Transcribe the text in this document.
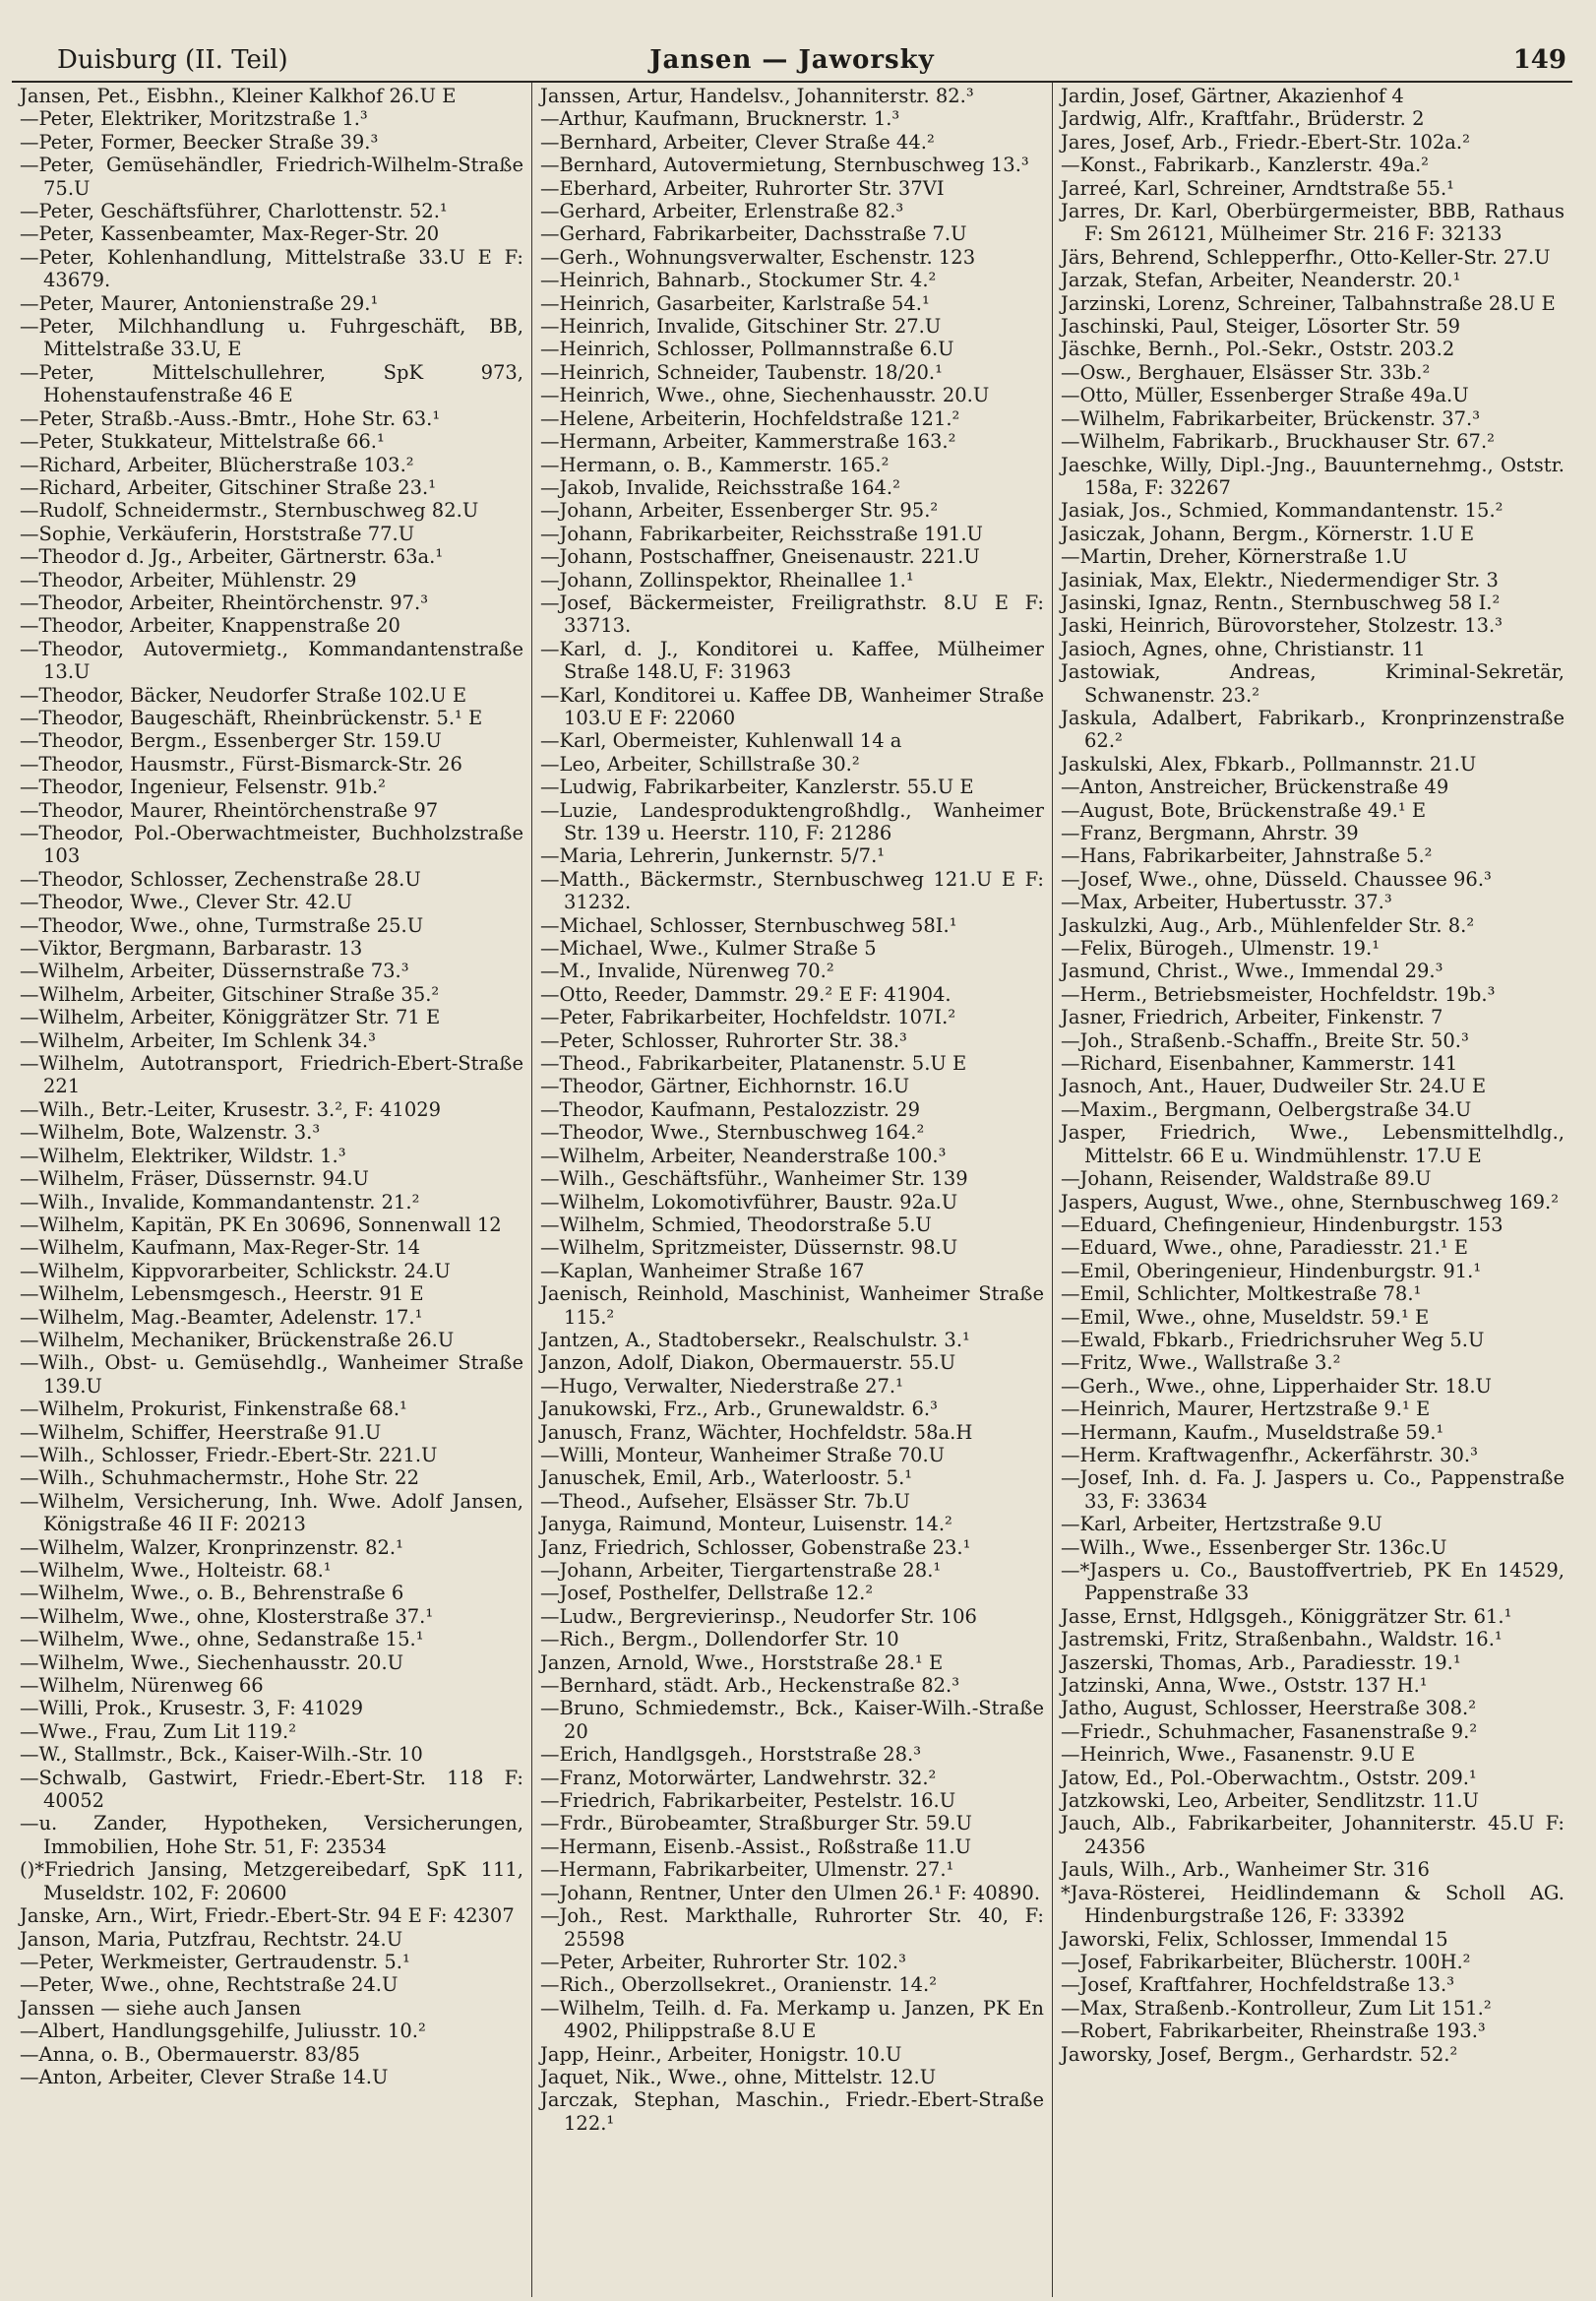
Duisburg (II. Teil)	Jansen — Jaworsky	149

Jansen, Pet., Eisbhn., Kleiner Kalkhof 26.U E

—Peter, Elektriker, Moritzstraße 1.³

—Peter, Former, Beecker Straße 39.³

—Peter, Gemüsehändler, Friedrich-Wilhelm-Straße 75.U

—Peter, Geschäftsführer, Charlottenstr. 52.¹

—Peter, Kassenbeamter, Max-Reger-Str. 20

—Peter, Kohlenhandlung, Mittelstraße 33.U E F: 43679.

—Peter, Maurer, Antonienstraße 29.¹

—Peter, Milchhandlung u. Fuhrgeschäft, BB, Mittelstraße 33.U, E

—Peter, Mittelschullehrer, SpK 973, Hohenstaufenstraße 46 E

—Peter, Straßb.-Auss.-Bmtr., Hohe Str. 63.¹

—Peter, Stukkateur, Mittelstraße 66.¹

—Richard, Arbeiter, Blücherstraße 103.²

—Richard, Arbeiter, Gitschiner Straße 23.¹

—Rudolf, Schneidermstr., Sternbuschweg 82.U

—Sophie, Verkäuferin, Horststraße 77.U

—Theodor d. Jg., Arbeiter, Gärtnerstr. 63a.¹

—Theodor, Arbeiter, Mühlenstr. 29

—Theodor, Arbeiter, Rheintörchenstr. 97.³

—Theodor, Arbeiter, Knappenstraße 20

—Theodor, Autovermietg., Kommandantenstraße 13.U

—Theodor, Bäcker, Neudorfer Straße 102.U E

—Theodor, Baugeschäft, Rheinbrückenstr. 5.¹ E

—Theodor, Bergm., Essenberger Str. 159.U

—Theodor, Hausmstr., Fürst-Bismarck-Str. 26

—Theodor, Ingenieur, Felsenstr. 91b.²

—Theodor, Maurer, Rheintörchenstraße 97

—Theodor, Pol.-Oberwachtmeister, Buchholzstraße 103

—Theodor, Schlosser, Zechenstraße 28.U

—Theodor, Wwe., Clever Str. 42.U

—Theodor, Wwe., ohne, Turmstraße 25.U

—Viktor, Bergmann, Barbarastr. 13

—Wilhelm, Arbeiter, Düssernstraße 73.³

—Wilhelm, Arbeiter, Gitschiner Straße 35.²

—Wilhelm, Arbeiter, Königgrätzer Str. 71 E

—Wilhelm, Arbeiter, Im Schlenk 34.³

—Wilhelm, Autotransport, Friedrich-Ebert-Straße 221

—Wilh., Betr.-Leiter, Krusestr. 3.², F: 41029

—Wilhelm, Bote, Walzenstr. 3.³

—Wilhelm, Elektriker, Wildstr. 1.³

—Wilhelm, Fräser, Düssernstr. 94.U

—Wilh., Invalide, Kommandantenstr. 21.²

—Wilhelm, Kapitän, PK En 30696, Sonnenwall 12

—Wilhelm, Kaufmann, Max-Reger-Str. 14

—Wilhelm, Kippvorarbeiter, Schlickstr. 24.U

—Wilhelm, Lebensmgesch., Heerstr. 91 E

—Wilhelm, Mag.-Beamter, Adelenstr. 17.¹

—Wilhelm, Mechaniker, Brückenstraße 26.U

—Wilh., Obst- u. Gemüsehdlg., Wanheimer Straße 139.U

—Wilhelm, Prokurist, Finkenstraße 68.¹

—Wilhelm, Schiffer, Heerstraße 91.U

—Wilh., Schlosser, Friedr.-Ebert-Str. 221.U

—Wilh., Schuhmachermstr., Hohe Str. 22

—Wilhelm, Versicherung, Inh. Wwe. Adolf Jansen, Königstraße 46 II F: 20213

—Wilhelm, Walzer, Kronprinzenstr. 82.¹

—Wilhelm, Wwe., Holteistr. 68.¹

—Wilhelm, Wwe., o. B., Behrenstraße 6

—Wilhelm, Wwe., ohne, Klosterstraße 37.¹

—Wilhelm, Wwe., ohne, Sedanstraße 15.¹

—Wilhelm, Wwe., Siechenhausstr. 20.U

—Wilhelm, Nürenweg 66

—Willi, Prok., Krusestr. 3, F: 41029

—Wwe., Frau, Zum Lit 119.²

—W., Stallmstr., Bck., Kaiser-Wilh.-Str. 10

—Schwalb, Gastwirt, Friedr.-Ebert-Str. 118 F: 40052

—u. Zander, Hypotheken, Versicherungen, Immobilien, Hohe Str. 51, F: 23534

()*Friedrich Jansing, Metzgereibedarf, SpK 111, Museldstr. 102, F: 20600

Janske, Arn., Wirt, Friedr.-Ebert-Str. 94 E F: 42307

Janson, Maria, Putzfrau, Rechtstr. 24.U

—Peter, Werkmeister, Gertraudenstr. 5.¹

—Peter, Wwe., ohne, Rechtstraße 24.U

Janssen — siehe auch Jansen

—Albert, Handlungsgehilfe, Juliusstr. 10.²

—Anna, o. B., Obermauerstr. 83/85

—Anton, Arbeiter, Clever Straße 14.U

Janssen, Artur, Handelsv., Johanniterstr. 82.³

—Arthur, Kaufmann, Brucknerstr. 1.³

—Bernhard, Arbeiter, Clever Straße 44.²

—Bernhard, Autovermietung, Sternbuschweg 13.³

—Eberhard, Arbeiter, Ruhrorter Str. 37VI

—Gerhard, Arbeiter, Erlenstraße 82.³

—Gerhard, Fabrikarbeiter, Dachsstraße 7.U

—Gerh., Wohnungsverwalter, Eschenstr. 123

—Heinrich, Bahnarb., Stockumer Str. 4.²

—Heinrich, Gasarbeiter, Karlstraße 54.¹

—Heinrich, Invalide, Gitschiner Str. 27.U

—Heinrich, Schlosser, Pollmannstraße 6.U

—Heinrich, Schneider, Taubenstr. 18/20.¹

—Heinrich, Wwe., ohne, Siechenhausstr. 20.U

—Helene, Arbeiterin, Hochfeldstraße 121.²

—Hermann, Arbeiter, Kammerstraße 163.²

—Hermann, o. B., Kammerstr. 165.²

—Jakob, Invalide, Reichsstraße 164.²

—Johann, Arbeiter, Essenberger Str. 95.²

—Johann, Fabrikarbeiter, Reichsstraße 191.U

—Johann, Postschaffner, Gneisenaustr. 221.U

—Johann, Zollinspektor, Rheinallee 1.¹

—Josef, Bäckermeister, Freiligrathstr. 8.U E F: 33713.

—Karl, d. J., Konditorei u. Kaffee, Mülheimer Straße 148.U, F: 31963

—Karl, Konditorei u. Kaffee DB, Wanheimer Straße 103.U E F: 22060

—Karl, Obermeister, Kuhlenwall 14 a

—Leo, Arbeiter, Schillstraße 30.²

—Ludwig, Fabrikarbeiter, Kanzlerstr. 55.U E

—Luzie, Landesproduktengroßhdlg., Wanheimer Str. 139 u. Heerstr. 110, F: 21286

—Maria, Lehrerin, Junkernstr. 5/7.¹

—Matth., Bäckermstr., Sternbuschweg 121.U E F: 31232.

—Michael, Schlosser, Sternbuschweg 58I.¹

—Michael, Wwe., Kulmer Straße 5

—M., Invalide, Nürenweg 70.²

—Otto, Reeder, Dammstr. 29.² E F: 41904.

—Peter, Fabrikarbeiter, Hochfeldstr. 107I.²

—Peter, Schlosser, Ruhrorter Str. 38.³

—Theod., Fabrikarbeiter, Platanenstr. 5.U E

—Theodor, Gärtner, Eichhornstr. 16.U

—Theodor, Kaufmann, Pestalozzistr. 29

—Theodor, Wwe., Sternbuschweg 164.²

—Wilhelm, Arbeiter, Neanderstraße 100.³

—Wilh., Geschäftsführ., Wanheimer Str. 139

—Wilhelm, Lokomotivführer, Baustr. 92a.U

—Wilhelm, Schmied, Theodorstraße 5.U

—Wilhelm, Spritzmeister, Düssernstr. 98.U

—Kaplan, Wanheimer Straße 167

Jaenisch, Reinhold, Maschinist, Wanheimer Straße 115.²

Jantzen, A., Stadtobersekr., Realschulstr. 3.¹

Janzon, Adolf, Diakon, Obermauerstr. 55.U

—Hugo, Verwalter, Niederstraße 27.¹

Janukowski, Frz., Arb., Grunewaldstr. 6.³

Janusch, Franz, Wächter, Hochfeldstr. 58a.H

—Willi, Monteur, Wanheimer Straße 70.U

Januschek, Emil, Arb., Waterloostr. 5.¹

—Theod., Aufseher, Elsässer Str. 7b.U

Janyga, Raimund, Monteur, Luisenstr. 14.²

Janz, Friedrich, Schlosser, Gobenstraße 23.¹

—Johann, Arbeiter, Tiergartenstraße 28.¹

—Josef, Posthelfer, Dellstraße 12.²

—Ludw., Bergrevierinsp., Neudorfer Str. 106

—Rich., Bergm., Dollendorfer Str. 10

Janzen, Arnold, Wwe., Horststraße 28.¹ E

—Bernhard, städt. Arb., Heckenstraße 82.³

—Bruno, Schmiedemstr., Bck., Kaiser-Wilh.-Straße 20

—Erich, Handlgsgeh., Horststraße 28.³

—Franz, Motorwärter, Landwehrstr. 32.²

—Friedrich, Fabrikarbeiter, Pestelstr. 16.U

—Frdr., Bürobeamter, Straßburger Str. 59.U

—Hermann, Eisenb.-Assist., Roßstraße 11.U

—Hermann, Fabrikarbeiter, Ulmenstr. 27.¹

—Johann, Rentner, Unter den Ulmen 26.¹ F: 40890.

—Joh., Rest. Markthalle, Ruhrorter Str. 40, F: 25598

—Peter, Arbeiter, Ruhrorter Str. 102.³

—Rich., Oberzollsekret., Oranienstr. 14.²

—Wilhelm, Teilh. d. Fa. Merkamp u. Janzen, PK En 4902, Philippstraße 8.U E

Japp, Heinr., Arbeiter, Honigstr. 10.U

Jaquet, Nik., Wwe., ohne, Mittelstr. 12.U

Jarczak, Stephan, Maschin., Friedr.-Ebert-Straße 122.¹

Jardin, Josef, Gärtner, Akazienhof 4

Jardwig, Alfr., Kraftfahr., Brüderstr. 2

Jares, Josef, Arb., Friedr.-Ebert-Str. 102a.²

—Konst., Fabrikarb., Kanzlerstr. 49a.²

Jarreé, Karl, Schreiner, Arndtstraße 55.¹

Jarres, Dr. Karl, Oberbürgermeister, BBB, Rathaus F: Sm 26121, Mülheimer Str. 216 F: 32133

Järs, Behrend, Schlepperfhr., Otto-Keller-Str. 27.U

Jarzak, Stefan, Arbeiter, Neanderstr. 20.¹

Jarzinski, Lorenz, Schreiner, Talbahnstraße 28.U E

Jaschinski, Paul, Steiger, Lösorter Str. 59

Jäschke, Bernh., Pol.-Sekr., Oststr. 203.2

—Osw., Berghauer, Elsässer Str. 33b.²

—Otto, Müller, Essenberger Straße 49a.U

—Wilhelm, Fabrikarbeiter, Brückenstr. 37.³

—Wilhelm, Fabrikarb., Bruckhauser Str. 67.²

Jaeschke, Willy, Dipl.-Jng., Bauunternehmg., Oststr. 158a, F: 32267

Jasiak, Jos., Schmied, Kommandantenstr. 15.²

Jasiczak, Johann, Bergm., Körnerstr. 1.U E

—Martin, Dreher, Körnerstraße 1.U

Jasiniak, Max, Elektr., Niedermendiger Str. 3

Jasinski, Ignaz, Rentn., Sternbuschweg 58 I.²

Jaski, Heinrich, Bürovorsteher, Stolzestr. 13.³

Jasioch, Agnes, ohne, Christianstr. 11

Jastowiak, Andreas, Kriminal-Sekretär, Schwanenstr. 23.²

Jaskula, Adalbert, Fabrikarb., Kronprinzenstraße 62.²

Jaskulski, Alex, Fbkarb., Pollmannstr. 21.U

—Anton, Anstreicher, Brückenstraße 49

—August, Bote, Brückenstraße 49.¹ E

—Franz, Bergmann, Ahrstr. 39

—Hans, Fabrikarbeiter, Jahnstraße 5.²

—Josef, Wwe., ohne, Düsseld. Chaussee 96.³

—Max, Arbeiter, Hubertusstr. 37.³

Jaskulzki, Aug., Arb., Mühlenfelder Str. 8.²

—Felix, Bürogeh., Ulmenstr. 19.¹

Jasmund, Christ., Wwe., Immendal 29.³

—Herm., Betriebsmeister, Hochfeldstr. 19b.³

Jasner, Friedrich, Arbeiter, Finkenstr. 7

—Joh., Straßenb.-Schaffn., Breite Str. 50.³

—Richard, Eisenbahner, Kammerstr. 141

Jasnoch, Ant., Hauer, Dudweiler Str. 24.U E

—Maxim., Bergmann, Oelbergstraße 34.U

Jasper, Friedrich, Wwe., Lebensmittelhdlg., Mittelstr. 66 E u. Windmühlenstr. 17.U E

—Johann, Reisender, Waldstraße 89.U

Jaspers, August, Wwe., ohne, Sternbuschweg 169.²

—Eduard, Chefingenieur, Hindenburgstr. 153

—Eduard, Wwe., ohne, Paradiesstr. 21.¹ E

—Emil, Oberingenieur, Hindenburgstr. 91.¹

—Emil, Schlichter, Moltkestraße 78.¹

—Emil, Wwe., ohne, Museldstr. 59.¹ E

—Ewald, Fbkarb., Friedrichsruher Weg 5.U

—Fritz, Wwe., Wallstraße 3.²

—Gerh., Wwe., ohne, Lipperhaider Str. 18.U

—Heinrich, Maurer, Hertzstraße 9.¹ E

—Hermann, Kaufm., Museldstraße 59.¹

—Herm. Kraftwagenfhr., Ackerfährstr. 30.³

—Josef, Inh. d. Fa. J. Jaspers u. Co., Pappenstraße 33, F: 33634

—Karl, Arbeiter, Hertzstraße 9.U

—Wilh., Wwe., Essenberger Str. 136c.U

—*Jaspers u. Co., Baustoffvertrieb, PK En 14529, Pappenstraße 33

Jasse, Ernst, Hdlgsgeh., Königgrätzer Str. 61.¹

Jastremski, Fritz, Straßenbahn., Waldstr. 16.¹

Jaszerski, Thomas, Arb., Paradiesstr. 19.¹

Jatzinski, Anna, Wwe., Oststr. 137 H.¹

Jatho, August, Schlosser, Heerstraße 308.²

—Friedr., Schuhmacher, Fasanenstraße 9.²

—Heinrich, Wwe., Fasanenstr. 9.U E

Jatow, Ed., Pol.-Oberwachtm., Oststr. 209.¹

Jatzkowski, Leo, Arbeiter, Sendlitzstr. 11.U

Jauch, Alb., Fabrikarbeiter, Johanniterstr. 45.U F: 24356

Jauls, Wilh., Arb., Wanheimer Str. 316

*Java-Rösterei, Heidlindemann & Scholl AG. Hindenburgstraße 126, F: 33392

Jaworski, Felix, Schlosser, Immendal 15

—Josef, Fabrikarbeiter, Blücherstr. 100H.²

—Josef, Kraftfahrer, Hochfeldstraße 13.³

—Max, Straßenb.-Kontrolleur, Zum Lit 151.²

—Robert, Fabrikarbeiter, Rheinstraße 193.³

Jaworsky, Josef, Bergm., Gerhardstr. 52.²
